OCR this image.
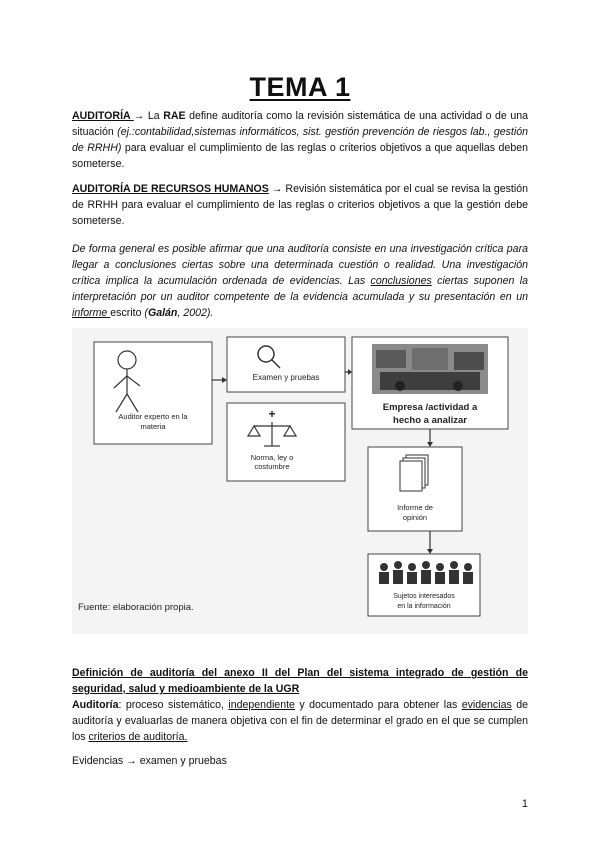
TEMA 1

AUDITORÍA → La RAE define auditoría como la revisión sistemática de una actividad o de una situación (ej.:contabilidad,sistemas informáticos, sist. gestión prevención de riesgos lab., gestión de RRHH) para evaluar el cumplimiento de las reglas o criterios objetivos a que aquellas deben someterse.

AUDITORÍA DE RECURSOS HUMANOS → Revisión sistemática por el cual se revisa la gestión de RRHH para evaluar el cumplimiento de las reglas o criterios objetivos a que la gestión debe someterse.

De forma general es posible afirmar que una auditoría consiste en una investigación crítica para llegar a conclusiones ciertas sobre una determinada cuestión o realidad. Una investigación crítica implica la acumulación ordenada de evidencias. Las conclusiones ciertas suponen la interpretación por un auditor competente de la evidencia acumulada y su presentación en un informe escrito (Galán, 2002).

Auditor experto en la
materia
Examen y pruebas
+
Norma, ley o
costumbre
Empresa /actividad a
hecho a analizar
Informe de
opinión
Sujetos interesados
en la información
Fuente: elaboración propia.

Definición de auditoría del anexo II del Plan del sistema integrado de gestión de seguridad, salud y medioambiente de la UGR

Auditoría: proceso sistemático, independiente y documentado para obtener las evidencias de auditoría y evaluarlas de manera objetiva con el fin de determinar el grado en el que se cumplen los criterios de auditoría.

Evidencias → examen y pruebas

1
